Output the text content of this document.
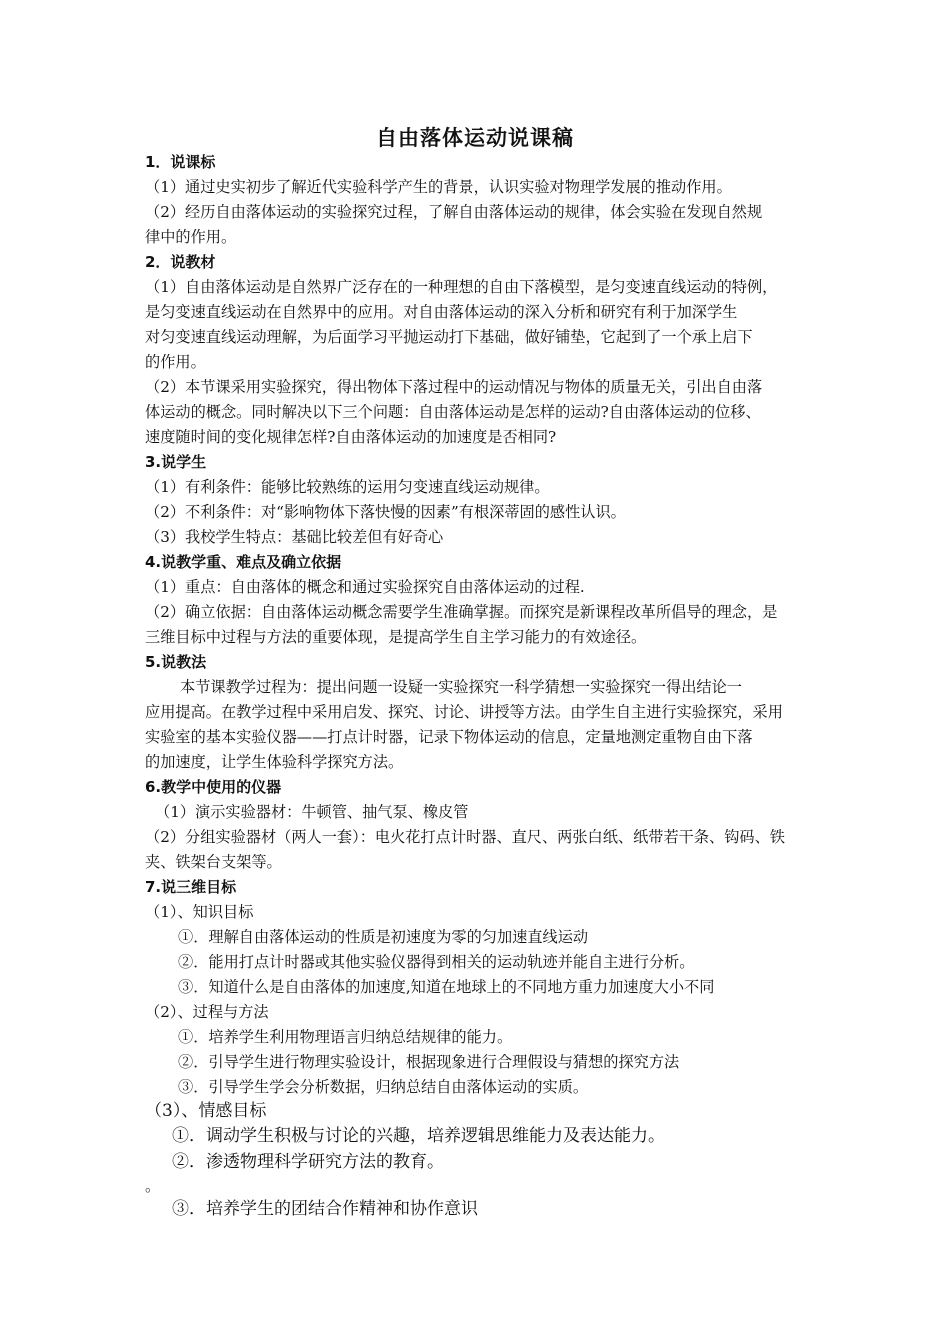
自由落体运动说课稿
1．说课标
（1）通过史实初步了解近代实验科学产生的背景，认识实验对物理学发展的推动作用。
（2）经历自由落体运动的实验探究过程，了解自由落体运动的规律，体会实验在发现自然规
律中的作用。
2．说教材
（1）自由落体运动是自然界广泛存在的一种理想的自由下落模型，是匀变速直线运动的特例，
是匀变速直线运动在自然界中的应用。对自由落体运动的深入分析和研究有利于加深学生
对匀变速直线运动理解，为后面学习平抛运动打下基础，做好铺垫，它起到了一个承上启下
的作用。
（2）本节课采用实验探究，得出物体下落过程中的运动情况与物体的质量无关，引出自由落
体运动的概念。同时解决以下三个问题：自由落体运动是怎样的运动?自由落体运动的位移、
速度随时间的变化规律怎样?自由落体运动的加速度是否相同?
3.说学生
（1）有利条件：能够比较熟练的运用匀变速直线运动规律。
（2）不利条件：对“影响物体下落快慢的因素”有根深蒂固的感性认识。
（3）我校学生特点：基础比较差但有好奇心
4.说教学重、难点及确立依据
（1）重点：自由落体的概念和通过实验探究自由落体运动的过程.
（2）确立依据：自由落体运动概念需要学生准确掌握。而探究是新课程改革所倡导的理念，是
三维目标中过程与方法的重要体现，是提高学生自主学习能力的有效途径。
5.说教法
本节课教学过程为：提出问题一设疑一实验探究一科学猜想一实验探究一得出结论一
应用提高。在教学过程中采用启发、探究、讨论、讲授等方法。由学生自主进行实验探究，采用
实验室的基本实验仪器——打点计时器，记录下物体运动的信息，定量地测定重物自由下落
的加速度，让学生体验科学探究方法。
6.教学中使用的仪器
（1）演示实验器材：牛顿管、抽气泵、橡皮管
（2）分组实验器材（两人一套）：电火花打点计时器、直尺、两张白纸、纸带若干条、钩码、铁
夹、铁架台支架等。
7.说三维目标
（1）、知识目标
①．理解自由落体运动的性质是初速度为零的匀加速直线运动
②．能用打点计时器或其他实验仪器得到相关的运动轨迹并能自主进行分析。
③．知道什么是自由落体的加速度,知道在地球上的不同地方重力加速度大小不同
（2）、过程与方法
①．培养学生利用物理语言归纳总结规律的能力。
②．引导学生进行物理实验设计，根据现象进行合理假设与猜想的探究方法
③．引导学生学会分析数据，归纳总结自由落体运动的实质。
（3）、情感目标
①．调动学生积极与讨论的兴趣，培养逻辑思维能力及表达能力。
②．渗透物理科学研究方法的教育。
。
③．培养学生的团结合作精神和协作意识
